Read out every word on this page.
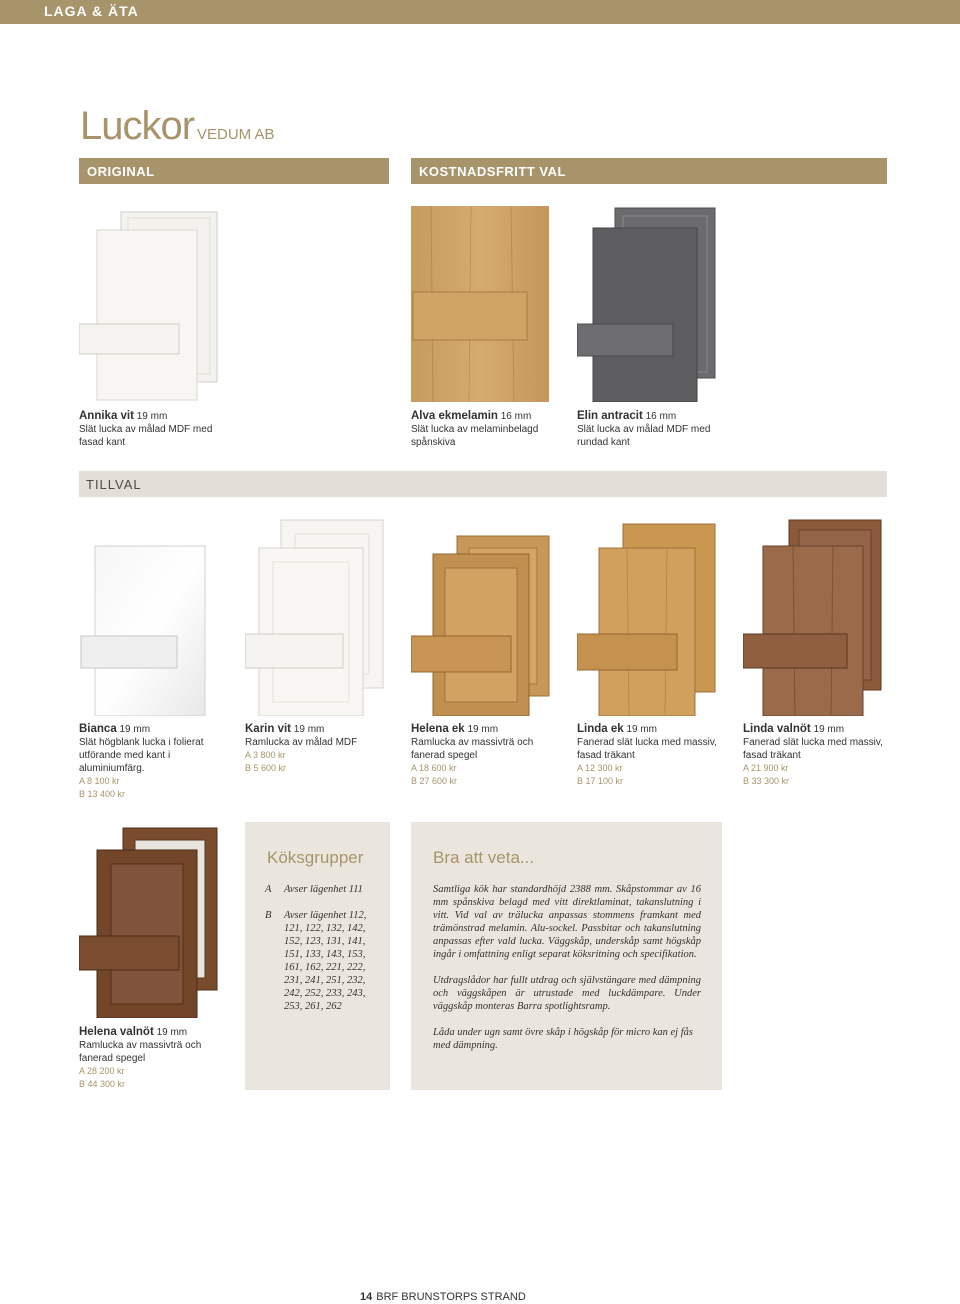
LAGA & ÄTA
Luckor VEDUM AB
ORIGINAL	KOSTNADSFRITT VAL
Annika vit 19 mm
Slät lucka av målad MDF med fasad kant
Alva ekmelamin 16 mm
Slät lucka av melaminbelagd spånskiva
Elin antracit 16 mm
Slät lucka av målad MDF med rundad kant
TILLVAL
Bianca 19 mm
Slät högblank lucka i folierat utförande med kant i aluminiumfärg.
A 8 100 kr
B 13 400 kr
Karin vit 19 mm
Ramlucka av målad MDF
A 3 800 kr
B 5 600 kr
Helena ek 19 mm
Ramlucka av massivträ och fanerad spegel
A 18 600 kr
B 27 600 kr
Linda ek 19 mm
Fanerad slät lucka med massiv, fasad träkant
A 12 300 kr
B 17 100 kr
Linda valnöt 19 mm
Fanerad slät lucka med massiv, fasad träkant
A 21 900 kr
B 33 300 kr
Helena valnöt 19 mm
Ramlucka av massivträ och fanerad spegel
A 28 200 kr
B 44 300 kr
Köksgrupper
A	Avser lägenhet 111
B	Avser lägenhet 112, 121, 122, 132, 142, 152, 123, 131, 141, 151, 133, 143, 153, 161, 162, 221, 222, 231, 241, 251, 232, 242, 252, 233, 243, 253, 261, 262
Bra att veta...
Samtliga kök har standardhöjd 2388 mm. Skåpstommar av 16 mm spånskiva belagd med vitt direktlaminat, takanslutning i vitt. Vid val av trälucka anpassas stommens framkant med trämönstrad melamin. Alu-sockel. Passbitar och takanslutning anpassas efter vald lucka. Väggskåp, underskåp samt högskåp ingår i omfattning enligt separat köksritning och specifikation.
Utdragslådor har fullt utdrag och självstängare med dämpning och väggskåpen är utrustade med luckdämpare. Under väggskåp monteras Barra spotlightsramp.
Låda under ugn samt övre skåp i högskåp för micro kan ej fås med dämpning.
14 BRF BRUNSTORPS STRAND
